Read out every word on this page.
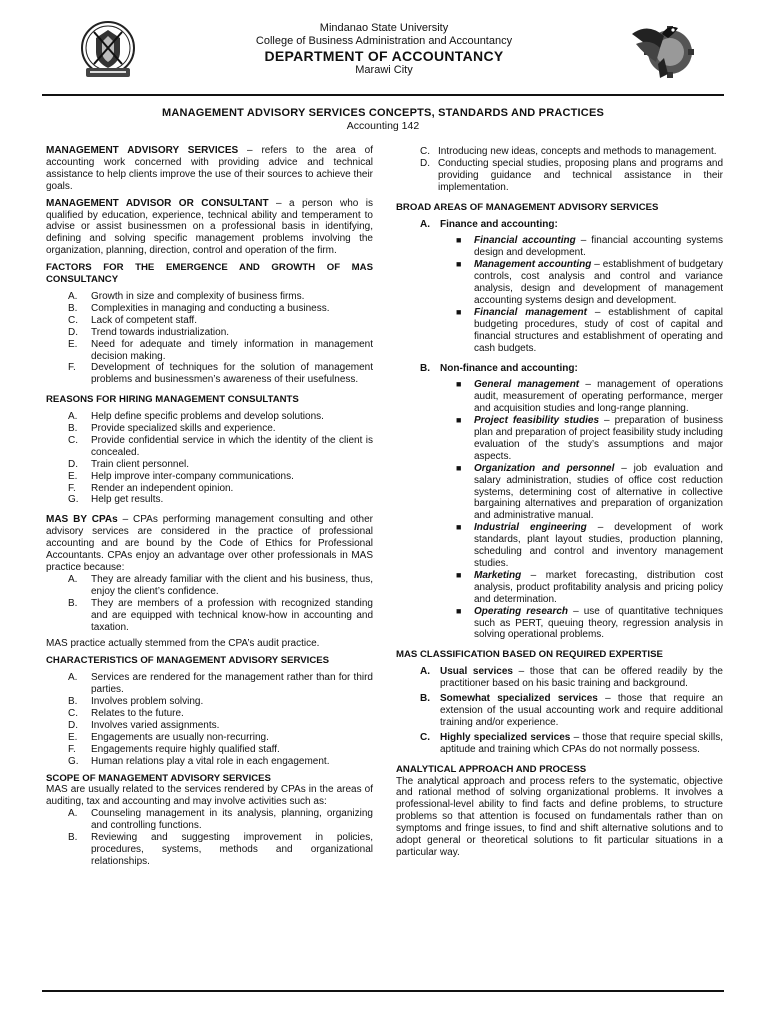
Mindanao State University
College of Business Administration and Accountancy
DEPARTMENT OF ACCOUNTANCY
Marawi City
MANAGEMENT ADVISORY SERVICES CONCEPTS, STANDARDS AND PRACTICES
Accounting 142

MANAGEMENT ADVISORY SERVICES – refers to the area of accounting work concerned with providing advice and technical assistance to help clients improve the use of their sources to achieve their goals.

MANAGEMENT ADVISOR OR CONSULTANT – a person who is qualified by education, experience, technical ability and temperament to advise or assist businessmen on a professional basis in identifying, defining and solving specific management problems involving the organization, planning, direction, control and operation of the firm.

FACTORS FOR THE EMERGENCE AND GROWTH OF MAS CONSULTANCY

A. Growth in size and complexity of business firms.
B. Complexities in managing and conducting a business.
C. Lack of competent staff.
D. Trend towards industrialization.
E. Need for adequate and timely information in management decision making.
F. Development of techniques for the solution of management problems and businessmen’s awareness of their usefulness.

REASONS FOR HIRING MANAGEMENT CONSULTANTS

A. Help define specific problems and develop solutions.
B. Provide specialized skills and experience.
C. Provide confidential service in which the identity of the client is concealed.
D. Train client personnel.
E. Help improve inter-company communications.
F. Render an independent opinion.
G. Help get results.

MAS BY CPAs – CPAs performing management consulting and other advisory services are considered in the practice of professional accounting and are bound by the Code of Ethics for Professional Accountants. CPAs enjoy an advantage over other professionals in MAS practice because:

A. They are already familiar with the client and his business, thus, enjoy the client’s confidence.
B. They are members of a profession with recognized standing and are equipped with technical know-how in accounting and taxation.

MAS practice actually stemmed from the CPA’s audit practice.

CHARACTERISTICS OF MANAGEMENT ADVISORY SERVICES

A. Services are rendered for the management rather than for third parties.
B. Involves problem solving.
C. Relates to the future.
D. Involves varied assignments.
E. Engagements are usually non-recurring.
F. Engagements require highly qualified staff.
G. Human relations play a vital role in each engagement.

SCOPE OF MANAGEMENT ADVISORY SERVICES

MAS are usually related to the services rendered by CPAs in the areas of auditing, tax and accounting and may involve activities such as:

A. Counseling management in its analysis, planning, organizing and controlling functions.
B. Reviewing and suggesting improvement in policies, procedures, systems, methods and organizational relationships.
C. Introducing new ideas, concepts and methods to management.
D. Conducting special studies, proposing plans and programs and providing guidance and technical assistance in their implementation.

BROAD AREAS OF MANAGEMENT ADVISORY SERVICES

A. Finance and accounting:
■ Financial accounting – financial accounting systems design and development.
■ Management accounting – establishment of budgetary controls, cost analysis and control and variance analysis, design and development of management accounting systems design and development.
■ Financial management – establishment of capital budgeting procedures, study of cost of capital and financial structures and establishment of operating and cash budgets.
B. Non-finance and accounting:
■ General management – management of operations audit, measurement of operating performance, merger and acquisition studies and long-range planning.
■ Project feasibility studies – preparation of business plan and preparation of project feasibility study including evaluation of the study’s assumptions and major aspects.
■ Organization and personnel – job evaluation and salary administration, studies of office cost reduction systems, determining cost of alternative in collective bargaining alternatives and preparation of organization and administrative manual.
■ Industrial engineering – development of work standards, plant layout studies, production planning, scheduling and control and inventory management studies.
■ Marketing – market forecasting, distribution cost analysis, product profitability analysis and pricing policy and determination.
■ Operating research – use of quantitative techniques such as PERT, queuing theory, regression analysis in solving operational problems.

MAS CLASSIFICATION BASED ON REQUIRED EXPERTISE

A. Usual services – those that can be offered readily by the practitioner based on his basic training and background.
B. Somewhat specialized services – those that require an extension of the usual accounting work and require additional training and/or experience.
C. Highly specialized services – those that require special skills, aptitude and training which CPAs do not normally possess.

ANALYTICAL APPROACH AND PROCESS

The analytical approach and process refers to the systematic, objective and rational method of solving organizational problems. It involves a professional-level ability to find facts and define problems, to structure problems so that attention is focused on fundamentals rather than on symptoms and fringe issues, to find and shift alternative solutions and to adopt general or theoretical solutions to fit particular situations in a particular way.
